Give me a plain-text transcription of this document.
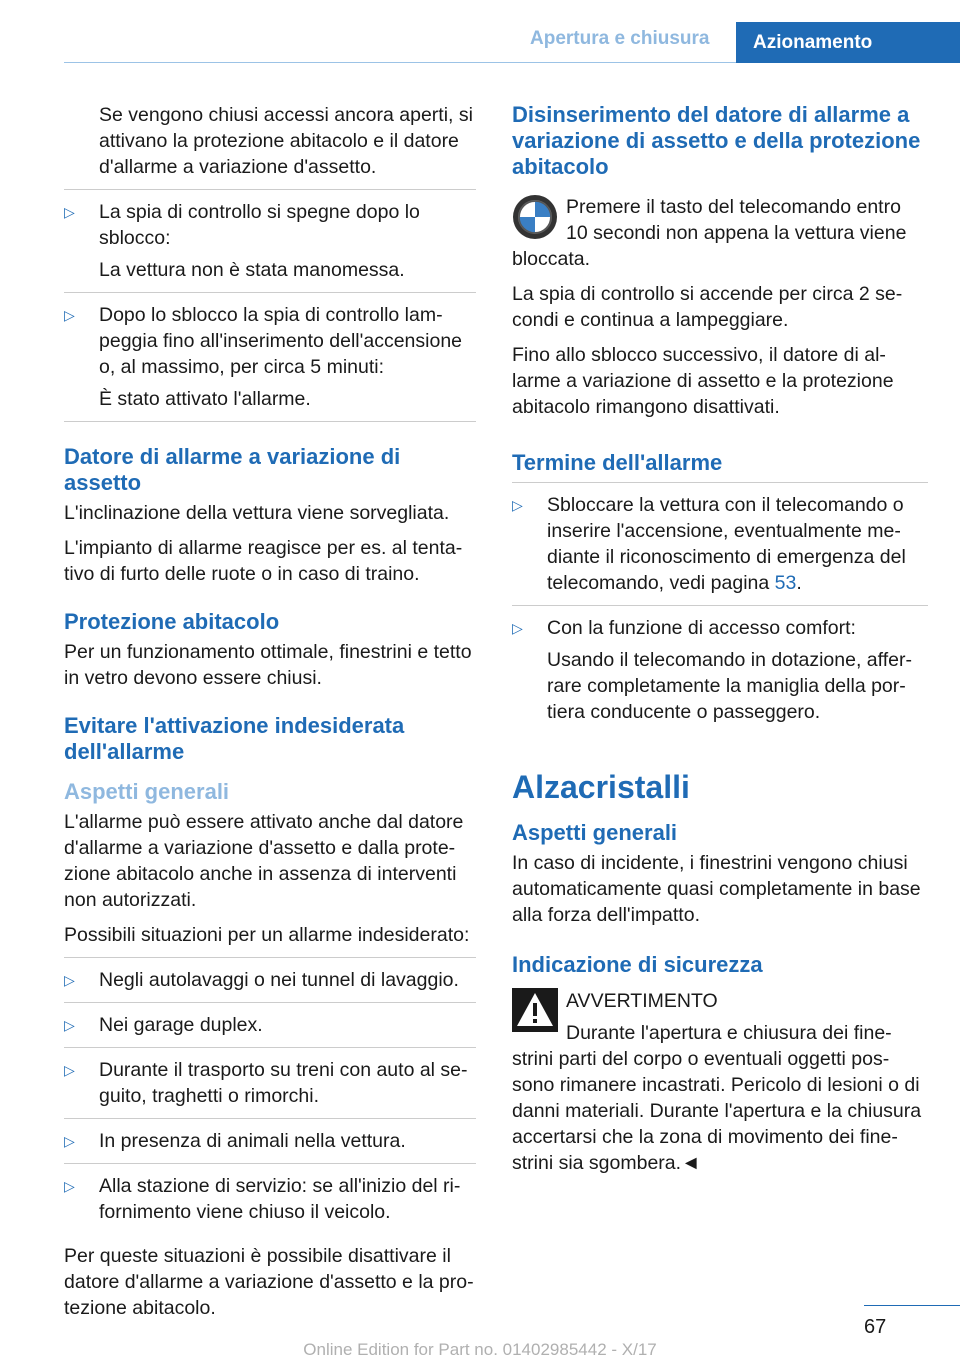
Apertura e chiusura	Azionamento

Se vengono chiusi accessi ancora aperti, si attivano la protezione abitacolo e il datore d'allarme a variazione d'assetto.

▷ La spia di controllo si spegne dopo lo sblocco:

La vettura non è stata manomessa.

▷ Dopo lo sblocco la spia di controllo lam-peggia fino all'inserimento dell'accensione o, al massimo, per circa 5 minuti:

È stato attivato l'allarme.

Datore di allarme a variazione di assetto

L'inclinazione della vettura viene sorvegliata.

L'impianto di allarme reagisce per es. al tenta-tivo di furto delle ruote o in caso di traino.

Protezione abitacolo

Per un funzionamento ottimale, finestrini e tetto in vetro devono essere chiusi.

Evitare l'attivazione indesiderata dell'allarme
Aspetti generali

L'allarme può essere attivato anche dal datore d'allarme a variazione d'assetto e dalla prote-zione abitacolo anche in assenza di interventi non autorizzati.

Possibili situazioni per un allarme indesiderato:

▷ Negli autolavaggi o nei tunnel di lavaggio.
▷ Nei garage duplex.
▷ Durante il trasporto su treni con auto al se-guito, traghetti o rimorchi.
▷ In presenza di animali nella vettura.
▷ Alla stazione di servizio: se all'inizio del ri-fornimento viene chiuso il veicolo.

Per queste situazioni è possibile disattivare il datore d'allarme a variazione d'assetto e la pro-tezione abitacolo.

Disinserimento del datore di allarme a variazione di assetto e della protezione abitacolo

Premere il tasto del telecomando entro 10 secondi non appena la vettura viene bloccata.

La spia di controllo si accende per circa 2 se-condi e continua a lampeggiare.

Fino allo sblocco successivo, il datore di al-larme a variazione di assetto e la protezione abitacolo rimangono disattivati.

Termine dell'allarme
▷ Sbloccare la vettura con il telecomando o inserire l'accensione, eventualmente me-diante il riconoscimento di emergenza del telecomando, vedi pagina 53.
▷ Con la funzione di accesso comfort:

Usando il telecomando in dotazione, affer-rare completamente la maniglia della por-tiera conducente o passeggero.

Alzacristalli
Aspetti generali

In caso di incidente, i finestrini vengono chiusi automaticamente quasi completamente in base alla forza dell'impatto.

Indicazione di sicurezza

AVVERTIMENTO

Durante l'apertura e chiusura dei fine-strini parti del corpo o eventuali oggetti pos-sono rimanere incastrati. Pericolo di lesioni o di danni materiali. Durante l'apertura e la chiusura accertarsi che la zona di movimento dei fine-strini sia sgombera.◄

67
Online Edition for Part no. 01402985442 - X/17
